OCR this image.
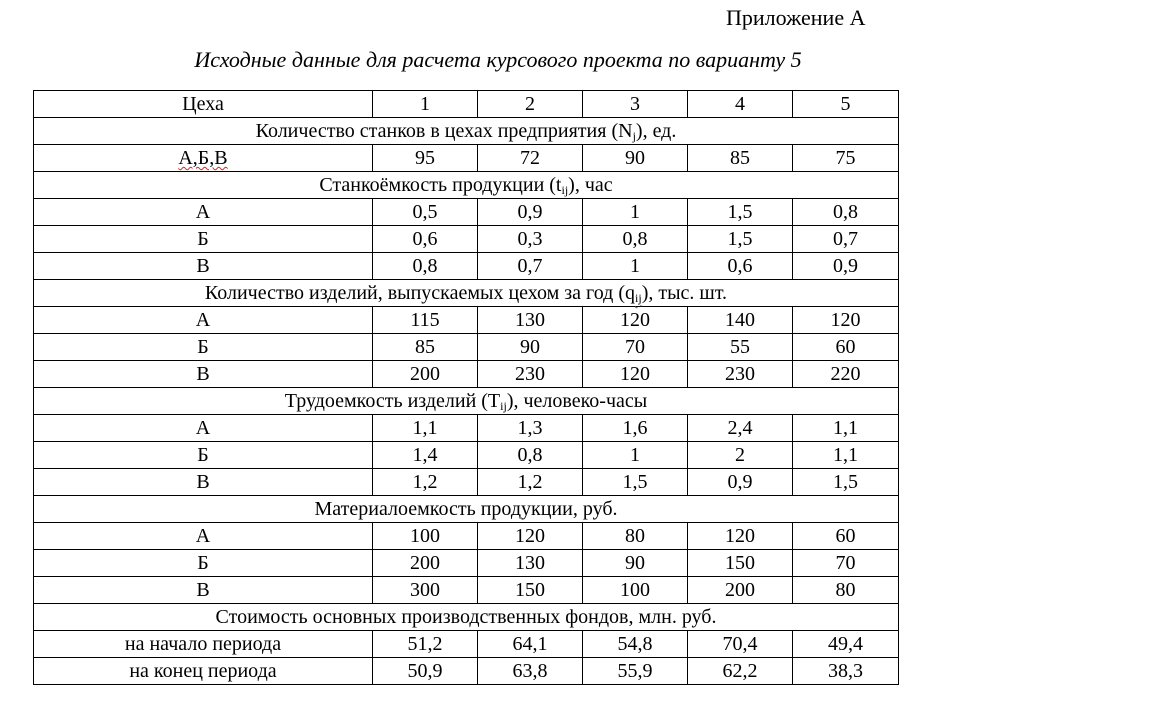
Приложение А
Исходные данные для расчета курсового проекта по варианту 5
Цеха	1	2	3	4	5
Количество станков в цехах предприятия $(N_j)$, ед.					
А,Б,В	95	72	90	85	75
Станкоёмкость продукции $(t_{ij})$, час					
А	0,5	0,9	1	1,5	0,8
Б	0,6	0,3	0,8	1,5	0,7
В	0,8	0,7	1	0,6	0,9
Количество изделий, выпускаемых цехом за год $(q_{ij})$, тыс. шт.					
А	115	130	120	140	120
Б	85	90	70	55	60
В	200	230	120	230	220
Трудоемкость изделий $(T_{ij})$, человеко-часы					
А	1,1	1,3	1,6	2,4	1,1
Б	1,4	0,8	1	2	1,1
В	1,2	1,2	1,5	0,9	1,5
Материалоемкость продукции, руб.					
А	100	120	80	120	60
Б	200	130	90	150	70
В	300	150	100	200	80
Стоимость основных производственных фондов, млн. руб.					
на начало периода	51,2	64,1	54,8	70,4	49,4
на конец периода	50,9	63,8	55,9	62,2	38,3
